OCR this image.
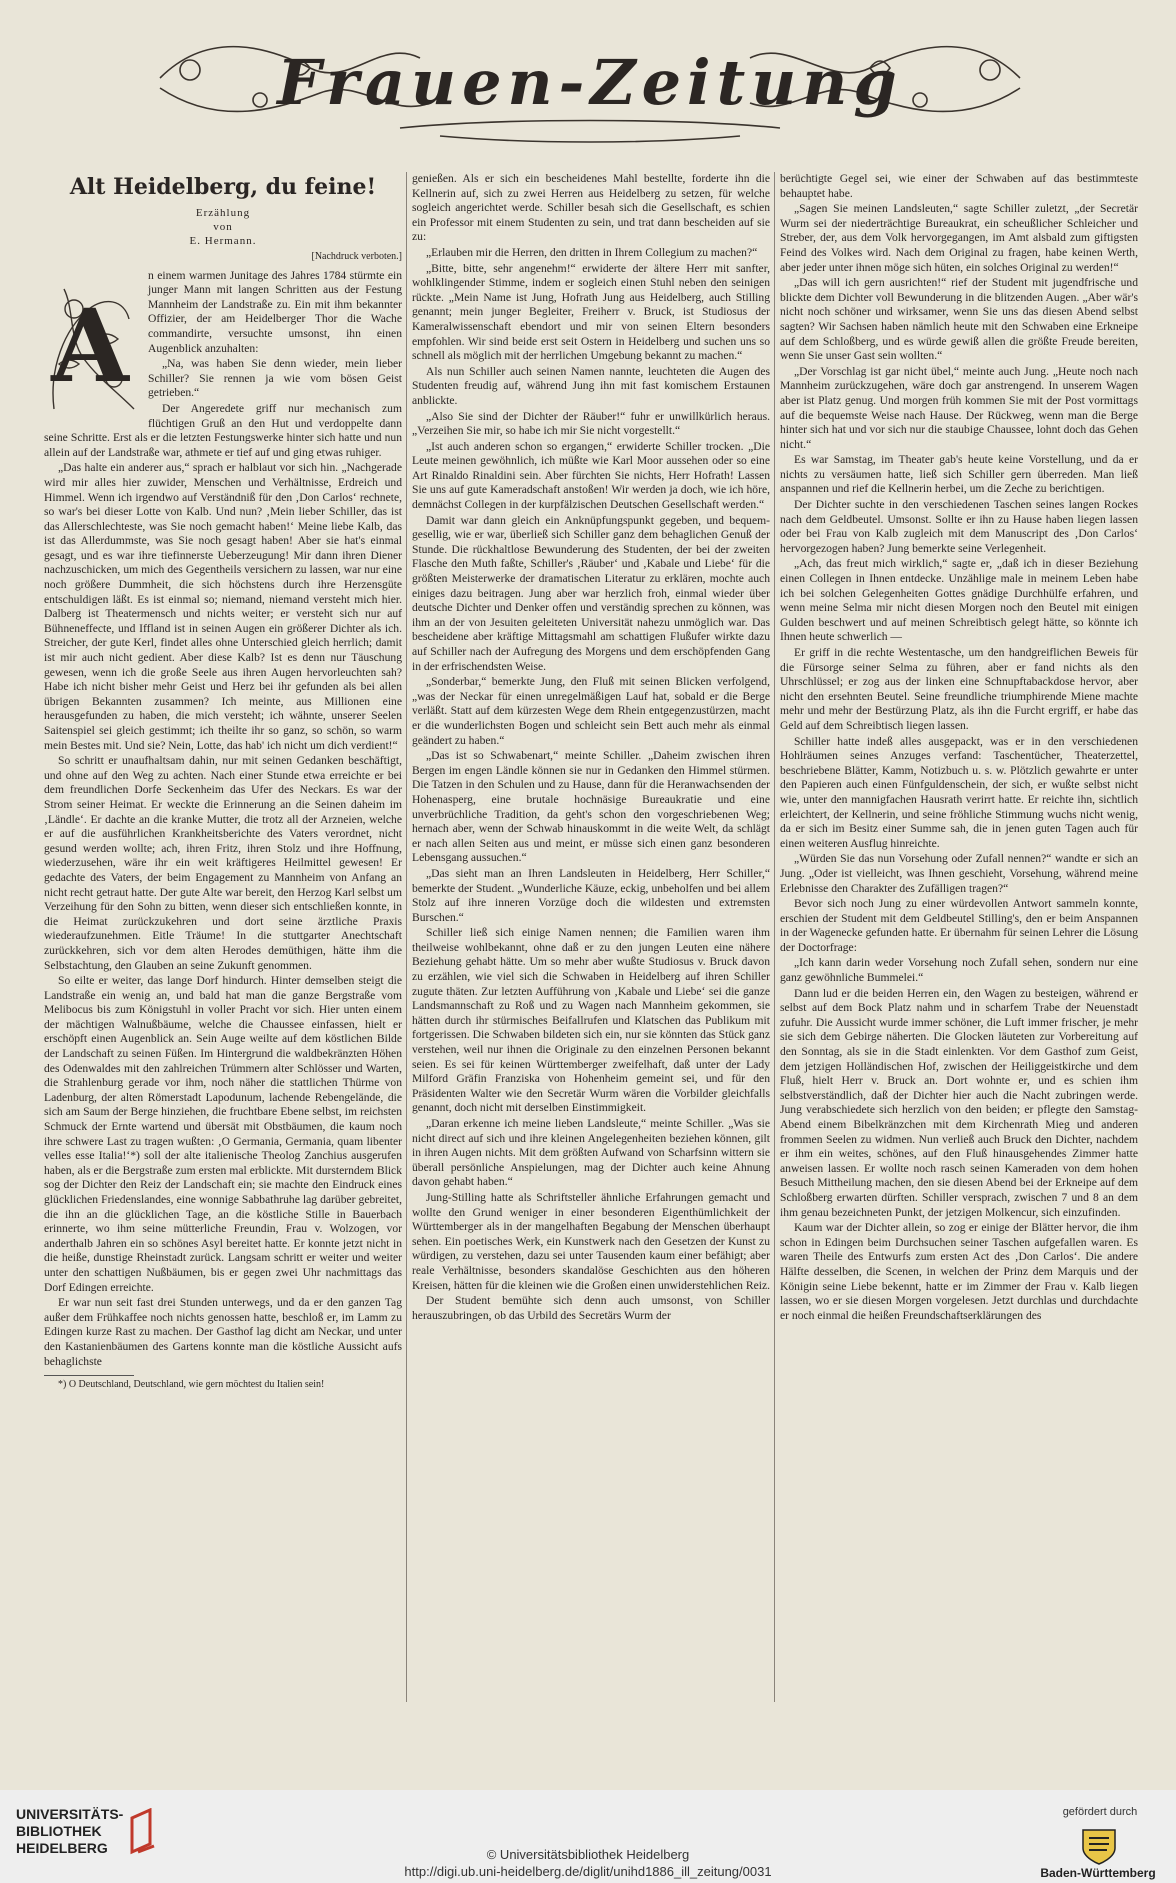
Frauen-Zeitung
Alt Heidelberg, du feine!
Erzählung
von
E. Hermann.
[Nachdruck verboten.]
A

n einem warmen Junitage des Jahres 1784 stürmte ein junger Mann mit langen Schritten aus der Festung Mannheim der Landstraße zu. Ein mit ihm bekannter Offizier, der am Heidelberger Thor die Wache commandirte, versuchte umsonst, ihn einen Augenblick anzuhalten:

„Na, was haben Sie denn wieder, mein lieber Schiller? Sie rennen ja wie vom bösen Geist getrieben.“

Der Angeredete griff nur mechanisch zum flüchtigen Gruß an den Hut und verdoppelte dann seine Schritte. Erst als er die letzten Festungswerke hinter sich hatte und nun allein auf der Landstraße war, athmete er tief auf und ging etwas ruhiger.

„Das halte ein anderer aus,“ sprach er halblaut vor sich hin. „Nachgerade wird mir alles hier zuwider, Menschen und Verhältnisse, Erdreich und Himmel. Wenn ich irgendwo auf Verständniß für den ‚Don Carlos‘ rechnete, so war's bei dieser Lotte von Kalb. Und nun? ‚Mein lieber Schiller, das ist das Allerschlechteste, was Sie noch gemacht haben!‘ Meine liebe Kalb, das ist das Allerdummste, was Sie noch gesagt haben! Aber sie hat's einmal gesagt, und es war ihre tiefinnerste Ueberzeugung! Mir dann ihren Diener nachzuschicken, um mich des Gegentheils versichern zu lassen, war nur eine noch größere Dummheit, die sich höchstens durch ihre Herzensgüte entschuldigen läßt. Es ist einmal so; niemand, niemand versteht mich hier. Dalberg ist Theatermensch und nichts weiter; er versteht sich nur auf Bühneneffecte, und Iffland ist in seinen Augen ein größerer Dichter als ich. Streicher, der gute Kerl, findet alles ohne Unterschied gleich herrlich; damit ist mir auch nicht gedient. Aber diese Kalb? Ist es denn nur Täuschung gewesen, wenn ich die große Seele aus ihren Augen hervorleuchten sah? Habe ich nicht bisher mehr Geist und Herz bei ihr gefunden als bei allen übrigen Bekannten zusammen? Ich meinte, aus Millionen eine herausgefunden zu haben, die mich versteht; ich wähnte, unserer Seelen Saitenspiel sei gleich gestimmt; ich theilte ihr so ganz, so schön, so warm mein Bestes mit. Und sie? Nein, Lotte, das hab' ich nicht um dich verdient!“

So schritt er unaufhaltsam dahin, nur mit seinen Gedanken beschäftigt, und ohne auf den Weg zu achten. Nach einer Stunde etwa erreichte er bei dem freundlichen Dorfe Seckenheim das Ufer des Neckars. Es war der Strom seiner Heimat. Er weckte die Erinnerung an die Seinen daheim im ‚Ländle‘. Er dachte an die kranke Mutter, die trotz all der Arzneien, welche er auf die ausführlichen Krankheitsberichte des Vaters verordnet, nicht gesund werden wollte; ach, ihren Fritz, ihren Stolz und ihre Hoffnung, wiederzusehen, wäre ihr ein weit kräftigeres Heilmittel gewesen! Er gedachte des Vaters, der beim Engagement zu Mannheim von Anfang an nicht recht getraut hatte. Der gute Alte war bereit, den Herzog Karl selbst um Verzeihung für den Sohn zu bitten, wenn dieser sich entschließen konnte, in die Heimat zurückzukehren und dort seine ärztliche Praxis wiederaufzunehmen. Eitle Träume! In die stuttgarter Anechtschaft zurückkehren, sich vor dem alten Herodes demüthigen, hätte ihm die Selbstachtung, den Glauben an seine Zukunft genommen.

So eilte er weiter, das lange Dorf hindurch. Hinter demselben steigt die Landstraße ein wenig an, und bald hat man die ganze Bergstraße vom Melibocus bis zum Königstuhl in voller Pracht vor sich. Hier unten einem der mächtigen Walnußbäume, welche die Chaussee einfassen, hielt er erschöpft einen Augenblick an. Sein Auge weilte auf dem köstlichen Bilde der Landschaft zu seinen Füßen. Im Hintergrund die waldbekränzten Höhen des Odenwaldes mit den zahlreichen Trümmern alter Schlösser und Warten, die Strahlenburg gerade vor ihm, noch näher die stattlichen Thürme von Ladenburg, der alten Römerstadt Lapodunum, lachende Rebengelände, die sich am Saum der Berge hinziehen, die fruchtbare Ebene selbst, im reichsten Schmuck der Ernte wartend und übersät mit Obstbäumen, die kaum noch ihre schwere Last zu tragen wußten: ‚O Germania, Germania, quam libenter velles esse Italia!‘*) soll der alte italienische Theolog Zanchius ausgerufen haben, als er die Bergstraße zum ersten mal erblickte. Mit dursterndem Blick sog der Dichter den Reiz der Landschaft ein; sie machte den Eindruck eines glücklichen Friedenslandes, eine wonnige Sabbathruhe lag darüber gebreitet, die ihn an die glücklichen Tage, an die köstliche Stille in Bauerbach erinnerte, wo ihm seine mütterliche Freundin, Frau v. Wolzogen, vor anderthalb Jahren ein so schönes Asyl bereitet hatte. Er konnte jetzt nicht in die heiße, dunstige Rheinstadt zurück. Langsam schritt er weiter und weiter unter den schattigen Nußbäumen, bis er gegen zwei Uhr nachmittags das Dorf Edingen erreichte.

Er war nun seit fast drei Stunden unterwegs, und da er den ganzen Tag außer dem Frühkaffee noch nichts genossen hatte, beschloß er, im Lamm zu Edingen kurze Rast zu machen. Der Gasthof lag dicht am Neckar, und unter den Kastanienbäumen des Gartens konnte man die köstliche Aussicht aufs behaglichste

*) O Deutschland, Deutschland, wie gern möchtest du Italien sein!

genießen. Als er sich ein bescheidenes Mahl bestellte, forderte ihn die Kellnerin auf, sich zu zwei Herren aus Heidelberg zu setzen, für welche sogleich angerichtet werde. Schiller besah sich die Gesellschaft, es schien ein Professor mit einem Studenten zu sein, und trat dann bescheiden auf sie zu:

„Erlauben mir die Herren, den dritten in Ihrem Collegium zu machen?“

„Bitte, bitte, sehr angenehm!“ erwiderte der ältere Herr mit sanfter, wohlklingender Stimme, indem er sogleich einen Stuhl neben den seinigen rückte. „Mein Name ist Jung, Hofrath Jung aus Heidelberg, auch Stilling genannt; mein junger Begleiter, Freiherr v. Bruck, ist Studiosus der Kameralwissenschaft ebendort und mir von seinen Eltern besonders empfohlen. Wir sind beide erst seit Ostern in Heidelberg und suchen uns so schnell als möglich mit der herrlichen Umgebung bekannt zu machen.“

Als nun Schiller auch seinen Namen nannte, leuchteten die Augen des Studenten freudig auf, während Jung ihn mit fast komischem Erstaunen anblickte.

„Also Sie sind der Dichter der Räuber!“ fuhr er unwillkürlich heraus. „Verzeihen Sie mir, so habe ich mir Sie nicht vorgestellt.“

„Ist auch anderen schon so ergangen,“ erwiderte Schiller trocken. „Die Leute meinen gewöhnlich, ich müßte wie Karl Moor aussehen oder so eine Art Rinaldo Rinaldini sein. Aber fürchten Sie nichts, Herr Hofrath! Lassen Sie uns auf gute Kameradschaft anstoßen! Wir werden ja doch, wie ich höre, demnächst Collegen in der kurpfälzischen Deutschen Gesellschaft werden.“

Damit war dann gleich ein Anknüpfungspunkt gegeben, und bequem-gesellig, wie er war, überließ sich Schiller ganz dem behaglichen Genuß der Stunde. Die rückhaltlose Bewunderung des Studenten, der bei der zweiten Flasche den Muth faßte, Schiller's ‚Räuber‘ und ‚Kabale und Liebe‘ für die größten Meisterwerke der dramatischen Literatur zu erklären, mochte auch einiges dazu beitragen. Jung aber war herzlich froh, einmal wieder über deutsche Dichter und Denker offen und verständig sprechen zu können, was ihm an der von Jesuiten geleiteten Universität nahezu unmöglich war. Das bescheidene aber kräftige Mittagsmahl am schattigen Flußufer wirkte dazu auf Schiller nach der Aufregung des Morgens und dem erschöpfenden Gang in der erfrischendsten Weise.

„Sonderbar,“ bemerkte Jung, den Fluß mit seinen Blicken verfolgend, „was der Neckar für einen unregelmäßigen Lauf hat, sobald er die Berge verläßt. Statt auf dem kürzesten Wege dem Rhein entgegenzustürzen, macht er die wunderlichsten Bogen und schleicht sein Bett auch mehr als einmal geändert zu haben.“

„Das ist so Schwabenart,“ meinte Schiller. „Daheim zwischen ihren Bergen im engen Ländle können sie nur in Gedanken den Himmel stürmen. Die Tatzen in den Schulen und zu Hause, dann für die Heranwachsenden der Hohenasperg, eine brutale hochnäsige Bureaukratie und eine unverbrüchliche Tradition, da geht's schon den vorgeschriebenen Weg; hernach aber, wenn der Schwab hinauskommt in die weite Welt, da schlägt er nach allen Seiten aus und meint, er müsse sich einen ganz besonderen Lebensgang aussuchen.“

„Das sieht man an Ihren Landsleuten in Heidelberg, Herr Schiller,“ bemerkte der Student. „Wunderliche Käuze, eckig, unbeholfen und bei allem Stolz auf ihre inneren Vorzüge doch die wildesten und extremsten Burschen.“

Schiller ließ sich einige Namen nennen; die Familien waren ihm theilweise wohlbekannt, ohne daß er zu den jungen Leuten eine nähere Beziehung gehabt hätte. Um so mehr aber wußte Studiosus v. Bruck davon zu erzählen, wie viel sich die Schwaben in Heidelberg auf ihren Schiller zugute thäten. Zur letzten Aufführung von ‚Kabale und Liebe‘ sei die ganze Landsmannschaft zu Roß und zu Wagen nach Mannheim gekommen, sie hätten durch ihr stürmisches Beifallrufen und Klatschen das Publikum mit fortgerissen. Die Schwaben bildeten sich ein, nur sie könnten das Stück ganz verstehen, weil nur ihnen die Originale zu den einzelnen Personen bekannt seien. Es sei für keinen Württemberger zweifelhaft, daß unter der Lady Milford Gräfin Franziska von Hohenheim gemeint sei, und für den Präsidenten Walter wie den Secretär Wurm wären die Vorbilder gleichfalls genannt, doch nicht mit derselben Einstimmigkeit.

„Daran erkenne ich meine lieben Landsleute,“ meinte Schiller. „Was sie nicht direct auf sich und ihre kleinen Angelegenheiten beziehen können, gilt in ihren Augen nichts. Mit dem größten Aufwand von Scharfsinn wittern sie überall persönliche Anspielungen, mag der Dichter auch keine Ahnung davon gehabt haben.“

Jung-Stilling hatte als Schriftsteller ähnliche Erfahrungen gemacht und wollte den Grund weniger in einer besonderen Eigenthümlichkeit der Württemberger als in der mangelhaften Begabung der Menschen überhaupt sehen. Ein poetisches Werk, ein Kunstwerk nach den Gesetzen der Kunst zu würdigen, zu verstehen, dazu sei unter Tausenden kaum einer befähigt; aber reale Verhältnisse, besonders skandalöse Geschichten aus den höheren Kreisen, hätten für die kleinen wie die Großen einen unwiderstehlichen Reiz.

Der Student bemühte sich denn auch umsonst, von Schiller herauszubringen, ob das Urbild des Secretärs Wurm der

berüchtigte Gegel sei, wie einer der Schwaben auf das bestimmteste behauptet habe.

„Sagen Sie meinen Landsleuten,“ sagte Schiller zuletzt, „der Secretär Wurm sei der niederträchtige Bureaukrat, ein scheußlicher Schleicher und Streber, der, aus dem Volk hervorgegangen, im Amt alsbald zum giftigsten Feind des Volkes wird. Nach dem Original zu fragen, habe keinen Werth, aber jeder unter ihnen möge sich hüten, ein solches Original zu werden!“

„Das will ich gern ausrichten!“ rief der Student mit jugendfrische und blickte dem Dichter voll Bewunderung in die blitzenden Augen. „Aber wär's nicht noch schöner und wirksamer, wenn Sie uns das diesen Abend selbst sagten? Wir Sachsen haben nämlich heute mit den Schwaben eine Erkneipe auf dem Schloßberg, und es würde gewiß allen die größte Freude bereiten, wenn Sie unser Gast sein wollten.“

„Der Vorschlag ist gar nicht übel,“ meinte auch Jung. „Heute noch nach Mannheim zurückzugehen, wäre doch gar anstrengend. In unserem Wagen aber ist Platz genug. Und morgen früh kommen Sie mit der Post vormittags auf die bequemste Weise nach Hause. Der Rückweg, wenn man die Berge hinter sich hat und vor sich nur die staubige Chaussee, lohnt doch das Gehen nicht.“

Es war Samstag, im Theater gab's heute keine Vorstellung, und da er nichts zu versäumen hatte, ließ sich Schiller gern überreden. Man ließ anspannen und rief die Kellnerin herbei, um die Zeche zu berichtigen.

Der Dichter suchte in den verschiedenen Taschen seines langen Rockes nach dem Geldbeutel. Umsonst. Sollte er ihn zu Hause haben liegen lassen oder bei Frau von Kalb zugleich mit dem Manuscript des ‚Don Carlos‘ hervorgezogen haben? Jung bemerkte seine Verlegenheit.

„Ach, das freut mich wirklich,“ sagte er, „daß ich in dieser Beziehung einen Collegen in Ihnen entdecke. Unzählige male in meinem Leben habe ich bei solchen Gelegenheiten Gottes gnädige Durchhülfe erfahren, und wenn meine Selma mir nicht diesen Morgen noch den Beutel mit einigen Gulden beschwert und auf meinen Schreibtisch gelegt hätte, so könnte ich Ihnen heute schwerlich —

Er griff in die rechte Westentasche, um den handgreiflichen Beweis für die Fürsorge seiner Selma zu führen, aber er fand nichts als den Uhrschlüssel; er zog aus der linken eine Schnupftabackdose hervor, aber nicht den ersehnten Beutel. Seine freundliche triumphirende Miene machte mehr und mehr der Bestürzung Platz, als ihn die Furcht ergriff, er habe das Geld auf dem Schreibtisch liegen lassen.

Schiller hatte indeß alles ausgepackt, was er in den verschiedenen Hohlräumen seines Anzuges verfand: Taschentücher, Theaterzettel, beschriebene Blätter, Kamm, Notizbuch u. s. w. Plötzlich gewahrte er unter den Papieren auch einen Fünfguldenschein, der sich, er wußte selbst nicht wie, unter den mannigfachen Hausrath verirrt hatte. Er reichte ihn, sichtlich erleichtert, der Kellnerin, und seine fröhliche Stimmung wuchs nicht wenig, da er sich im Besitz einer Summe sah, die in jenen guten Tagen auch für einen weiteren Ausflug hinreichte.

„Würden Sie das nun Vorsehung oder Zufall nennen?“ wandte er sich an Jung. „Oder ist vielleicht, was Ihnen geschieht, Vorsehung, während meine Erlebnisse den Charakter des Zufälligen tragen?“

Bevor sich noch Jung zu einer würdevollen Antwort sammeln konnte, erschien der Student mit dem Geldbeutel Stilling's, den er beim Anspannen in der Wagenecke gefunden hatte. Er übernahm für seinen Lehrer die Lösung der Doctorfrage:

„Ich kann darin weder Vorsehung noch Zufall sehen, sondern nur eine ganz gewöhnliche Bummelei.“

Dann lud er die beiden Herren ein, den Wagen zu besteigen, während er selbst auf dem Bock Platz nahm und in scharfem Trabe der Neuenstadt zufuhr. Die Aussicht wurde immer schöner, die Luft immer frischer, je mehr sie sich dem Gebirge näherten. Die Glocken läuteten zur Vorbereitung auf den Sonntag, als sie in die Stadt einlenkten. Vor dem Gasthof zum Geist, dem jetzigen Holländischen Hof, zwischen der Heiliggeistkirche und dem Fluß, hielt Herr v. Bruck an. Dort wohnte er, und es schien ihm selbstverständlich, daß der Dichter hier auch die Nacht zubringen werde. Jung verabschiedete sich herzlich von den beiden; er pflegte den Samstag-Abend einem Bibelkränzchen mit dem Kirchenrath Mieg und anderen frommen Seelen zu widmen. Nun verließ auch Bruck den Dichter, nachdem er ihm ein weites, schönes, auf den Fluß hinausgehendes Zimmer hatte anweisen lassen. Er wollte noch rasch seinen Kameraden von dem hohen Besuch Mittheilung machen, den sie diesen Abend bei der Erkneipe auf dem Schloßberg erwarten dürften. Schiller versprach, zwischen 7 und 8 an dem ihm genau bezeichneten Punkt, der jetzigen Molkencur, sich einzufinden.

Kaum war der Dichter allein, so zog er einige der Blätter hervor, die ihm schon in Edingen beim Durchsuchen seiner Taschen aufgefallen waren. Es waren Theile des Entwurfs zum ersten Act des ‚Don Carlos‘. Die andere Hälfte desselben, die Scenen, in welchen der Prinz dem Marquis und der Königin seine Liebe bekennt, hatte er im Zimmer der Frau v. Kalb liegen lassen, wo er sie diesen Morgen vorgelesen. Jetzt durchlas und durchdachte er noch einmal die heißen Freundschaftserklärungen des

UNIVERSITÄTS-
BIBLIOTHEK
HEIDELBERG	© Universitätsbibliothek Heidelberg
http://digi.ub.uni-heidelberg.de/diglit/unihd1886_ill_zeitung/0031
gefördert durch
Baden-Württemberg
